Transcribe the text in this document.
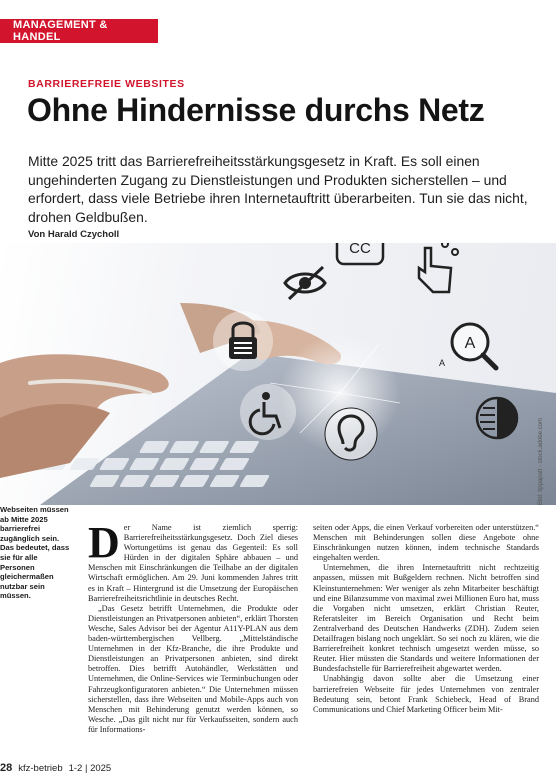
MANAGEMENT & HANDEL
BARRIEREFREIE WEBSITES
Ohne Hindernisse durchs Netz

Mitte 2025 tritt das Barrierefreiheitsstärkungsgesetz in Kraft. Es soll einen ungehinderten Zugang zu Dienstleistungen und Produkten sicherstellen – und erfordert, dass viele Betriebe ihren Internetauftritt überarbeiten. Tun sie das nicht, drohen Geldbußen.

Von Harald Czycholl
CC
A
A
Bild: tippapatt - stock.adobe.com
Webseiten müssen ab Mitte 2025 barrierefrei zugänglich sein. Das bedeutet, dass sie für alle Personen gleichermaßen nutzbar sein müssen.

Der Name ist ziemlich sperrig: Barrierefreiheitsstärkungsgesetz. Doch Ziel dieses Wortungetüms ist genau das Gegenteil: Es soll Hürden in der digitalen Sphäre abbauen – und Menschen mit Einschränkungen die Teilhabe an der digitalen Wirtschaft ermöglichen. Am 29. Juni kommenden Jahres tritt es in Kraft – Hintergrund ist die Umsetzung der Europäischen Barrierefreiheitsrichtlinie in deutsches Recht.

„Das Gesetz betrifft Unternehmen, die Produkte oder Dienstleistungen an Privatpersonen anbieten“, erklärt Thorsten Wesche, Sales Advisor bei der Agentur A11Y-PLAN aus dem baden-württembergischen Vellberg. „Mittelständische Unternehmen in der Kfz-Branche, die ihre Produkte und Dienstleistungen an Privatpersonen anbieten, sind direkt betroffen. Dies betrifft Autohändler, Werkstätten und Unternehmen, die Online-Services wie Terminbuchungen oder Fahrzeugkonfiguratoren anbieten.“ Die Unternehmen müssen sicherstellen, dass ihre Webseiten und Mobile-Apps auch von Menschen mit Behinderung genutzt werden können, so Wesche. „Das gilt nicht nur für Verkaufsseiten, sondern auch für Informations-

seiten oder Apps, die einen Verkauf vorbereiten oder unterstützen.“ Menschen mit Behinderungen sollen diese Angebote ohne Einschränkungen nutzen können, indem technische Standards eingehalten werden.

Unternehmen, die ihren Internetauftritt nicht rechtzeitig anpassen, müssen mit Bußgeldern rechnen. Nicht betroffen sind Kleinstunternehmen: Wer weniger als zehn Mitarbeiter beschäftigt und eine Bilanzsumme von maximal zwei Millionen Euro hat, muss die Vorgaben nicht umsetzen, erklärt Christian Reuter, Referatsleiter im Bereich Organisation und Recht beim Zentralverband des Deutschen Handwerks (ZDH). Zudem seien Detailfragen bislang noch ungeklärt. So sei noch zu klären, wie die Barrierefreiheit konkret technisch umgesetzt werden müsse, so Reuter. Hier müssten die Standards und weitere Informationen der Bundesfachstelle für Barrierefreiheit abgewartet werden.

Unabhängig davon sollte aber die Umsetzung einer barrierefreien Webseite für jedes Unternehmen von zentraler Bedeutung sein, betont Frank Schiebeck, Head of Brand Communications und Chief Marketing Officer beim Mit-

28 kfz-betrieb 1-2 | 2025
